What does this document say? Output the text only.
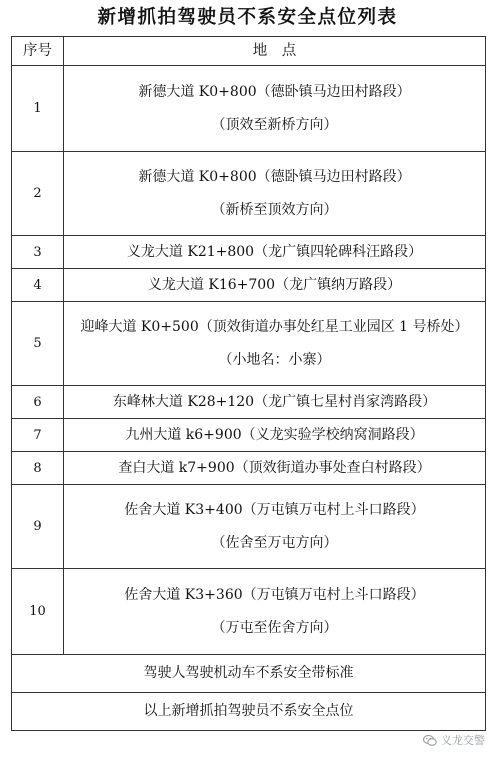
新增抓拍驾驶员不系安全点位列表
序号	地　点
1	新德大道 K0+800（德卧镇马边田村路段）
（顶效至新桥方向）

2	新德大道 K0+800（德卧镇马边田村路段）
（新桥至顶效方向）

3	义龙大道 K21+800（龙广镇四轮碑科汪路段）

4	义龙大道 K16+700（龙广镇纳万路段）

5	迎峰大道 K0+500（顶效街道办事处红星工业园区 1 号桥处）
（小地名：小寨）

6	东峰林大道 K28+120（龙广镇七星村肖家湾路段）

7	九州大道 k6+900（义龙实验学校纳窝洞路段）

8	查白大道 k7+900（顶效街道办事处查白村路段）

9	佐舍大道 K3+400（万屯镇万屯村上斗口路段）
（佐舍至万屯方向）

10	佐舍大道 K3+360（万屯镇万屯村上斗口路段）
（万屯至佐舍方向）

驾驶人驾驶机动车不系安全带标准	
以上新增抓拍驾驶员不系安全点位	
义龙交警
